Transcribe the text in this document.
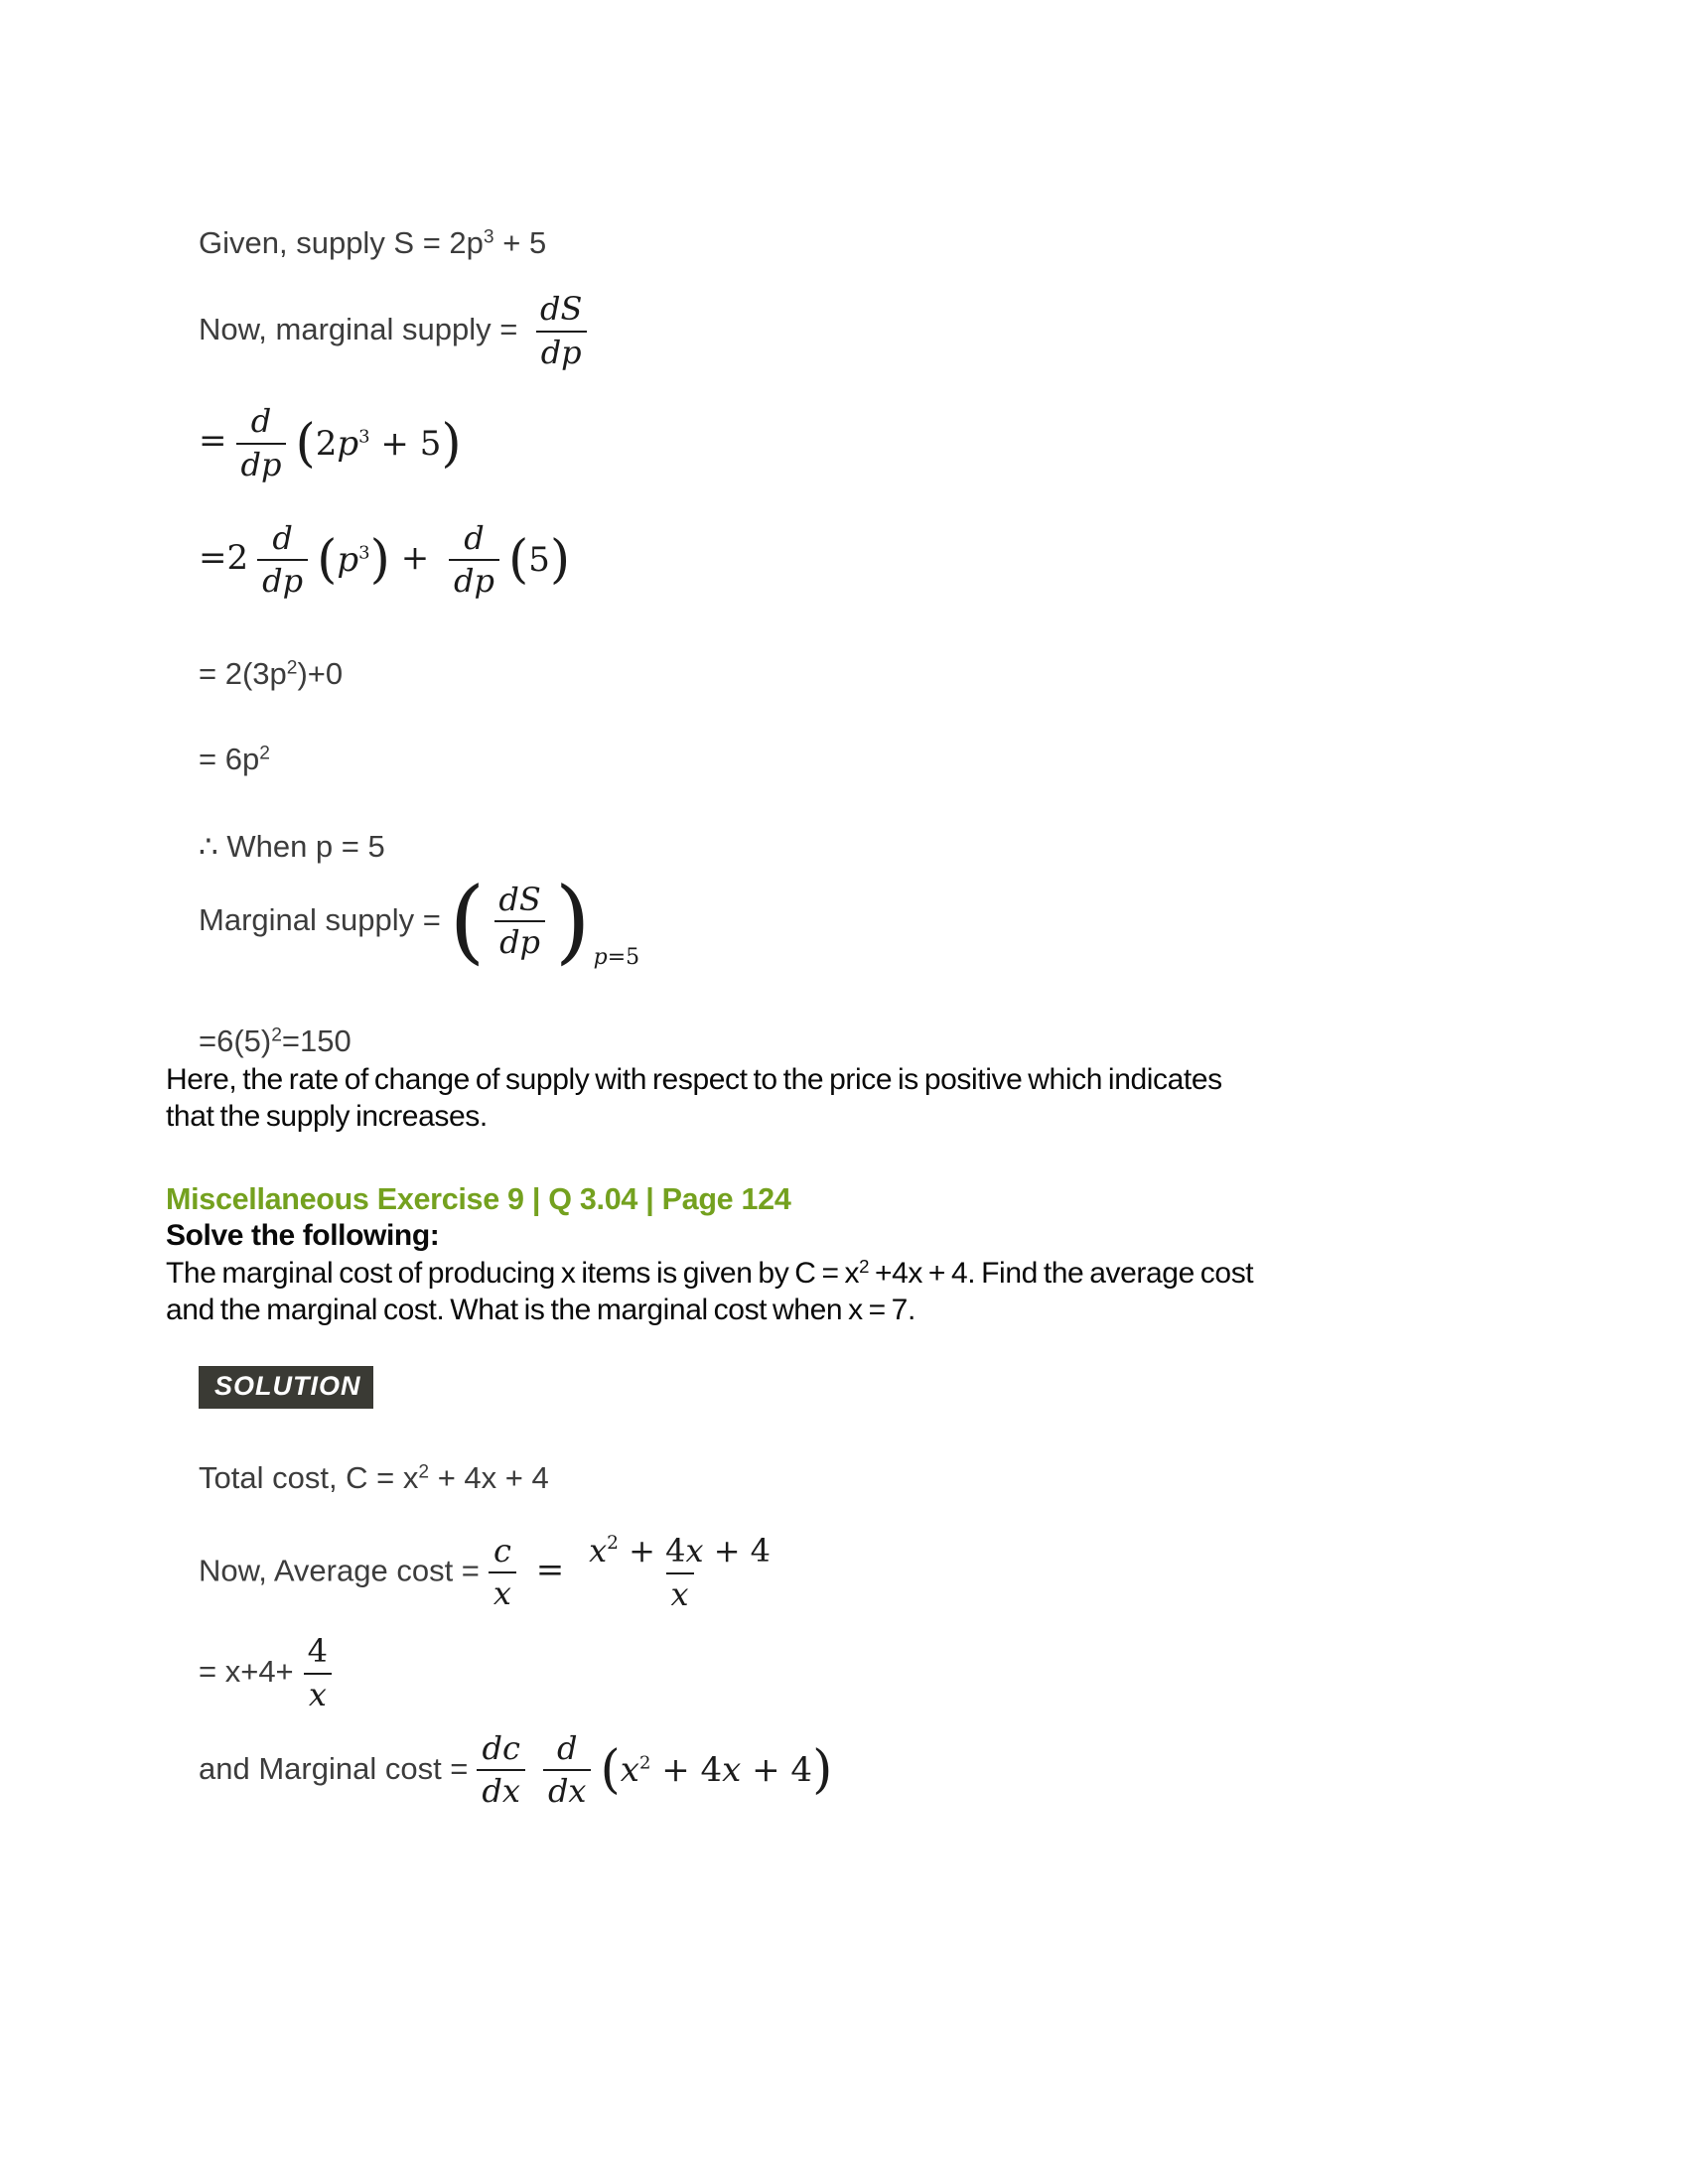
Given, supply $S = 2p^3 + 5$
Now, marginal supply = $\frac{dS}{dp}$
= $\frac{d}{dp} (2p^3 + 5)$
$=2 \frac{d}{dp} (p^3) + \frac{d}{dp} (5)$
= $2(3p^2)+0$
= $6p^2$
∴ When p = 5
Marginal supply = ( $\frac{dS}{dp}$ ) p=5
$=6(5)^2=150$

Here, the rate of change of supply with respect to the price is positive which indicates
that the supply increases.

Miscellaneous Exercise 9 | Q 3.04 | Page 124
Solve the following:
The marginal cost of producing x items is given by $C = x^2 +4x + 4$. Find the average cost
and the marginal cost. What is the marginal cost when x = 7.
SOLUTION
Total cost, $C = x^2 + 4x + 4$
Now, Average $\cos t = \frac{c}{x} = \frac{x^2 + 4x + 4}{x}$
= $x+4+ \frac{4}{x}$
and Marginal $\cos t = \frac{dc}{dx} \frac{d}{dx} (x^2 + 4x + 4)$
